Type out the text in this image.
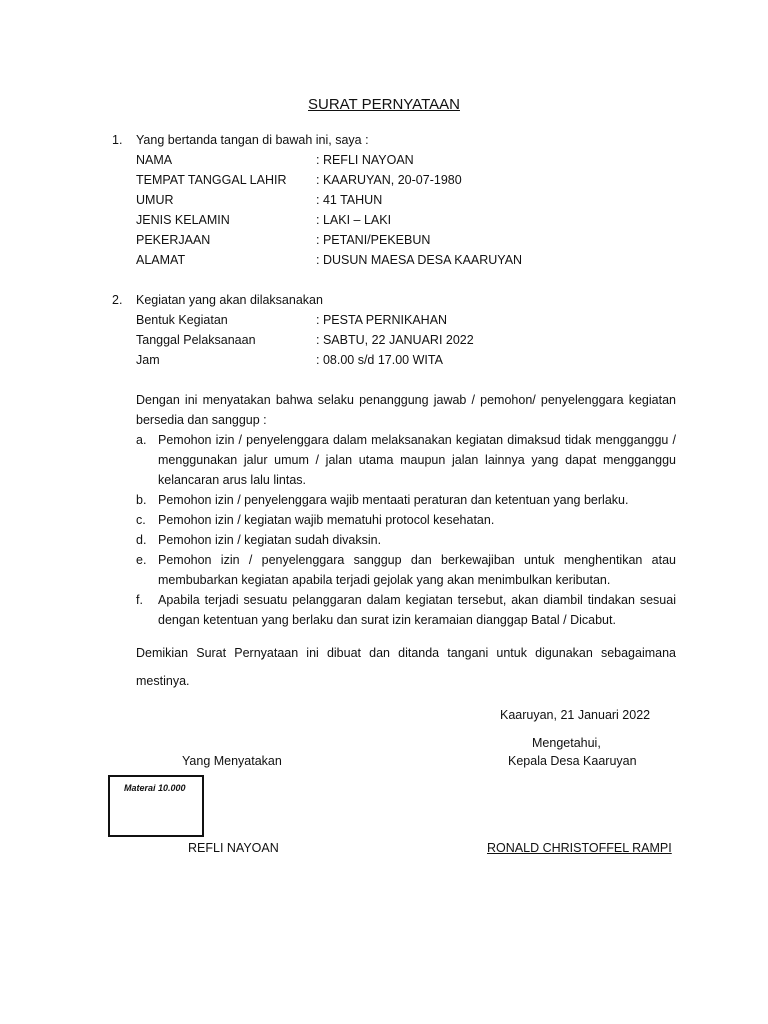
SURAT PERNYATAAN
1. Yang bertanda tangan di bawah ini, saya :
NAMA	: REFLI NAYOAN
TEMPAT TANGGAL LAHIR : KAARUYAN, 20-07-1980
UMUR	: 41 TAHUN
JENIS KELAMIN	: LAKI – LAKI
PEKERJAAN	: PETANI/PEKEBUN
ALAMAT	: DUSUN MAESA DESA KAARUYAN
2. Kegiatan yang akan dilaksanakan
Bentuk Kegiatan	: PESTA PERNIKAHAN
Tanggal Pelaksanaan	: SABTU, 22 JANUARI 2022
Jam	: 08.00 s/d 17.00 WITA
Dengan ini menyatakan bahwa selaku penanggung jawab / pemohon/ penyelenggara kegiatan bersedia dan sanggup :
a. Pemohon izin / penyelenggara dalam melaksanakan kegiatan dimaksud tidak mengganggu / menggunakan jalur umum / jalan utama maupun jalan lainnya yang dapat mengganggu kelancaran arus lalu lintas.
b. Pemohon izin / penyelenggara wajib mentaati peraturan dan ketentuan yang berlaku.
c. Pemohon izin / kegiatan wajib mematuhi protocol kesehatan.
d. Pemohon izin / kegiatan sudah divaksin.
e. Pemohon izin / penyelenggara sanggup dan berkewajiban untuk menghentikan atau membubarkan kegiatan apabila terjadi gejolak yang akan menimbulkan keributan.
f. Apabila terjadi sesuatu pelanggaran dalam kegiatan tersebut, akan diambil tindakan sesuai dengan ketentuan yang berlaku dan surat izin keramaian dianggap Batal / Dicabut.
Demikian Surat Pernyataan ini dibuat dan ditanda tangani untuk digunakan sebagaimana
mestinya.
Kaaruyan, 21 Januari 2022
Mengetahui,
Yang Menyatakan	Kepala Desa Kaaruyan
Materai 10.000
REFLI NAYOAN	RONALD CHRISTOFFEL RAMPI
